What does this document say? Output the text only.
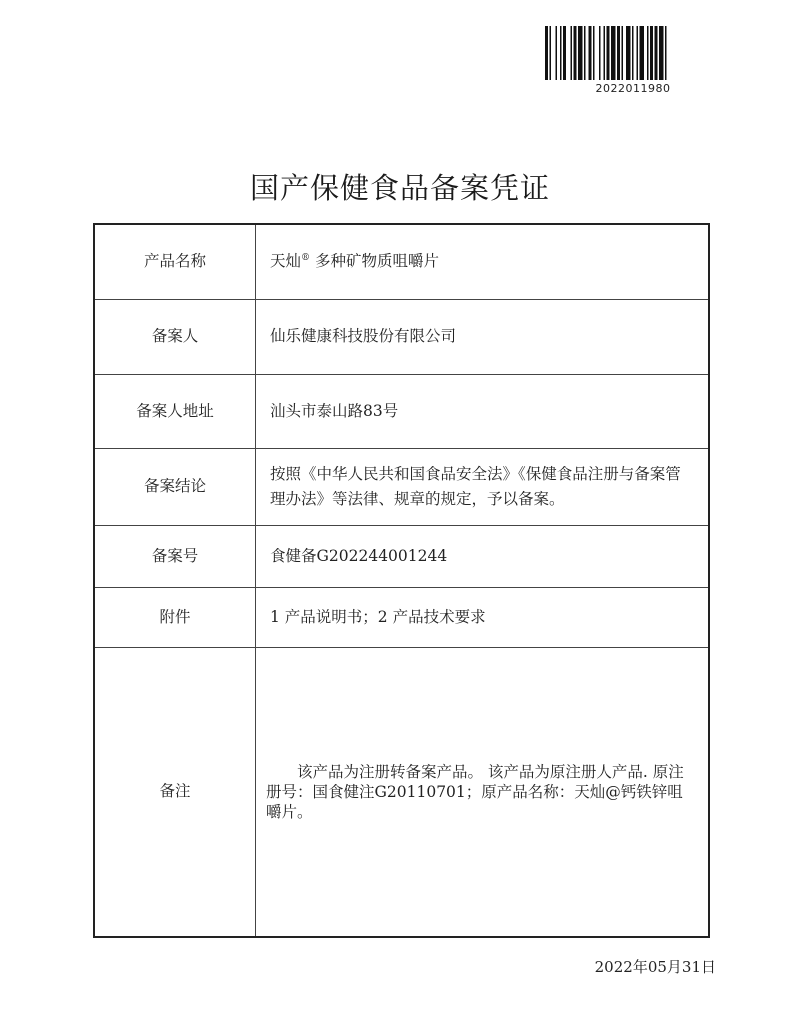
2022011980
国产保健食品备案凭证
产品名称	天灿® 多种矿物质咀嚼片
备案人	仙乐健康科技股份有限公司
备案人地址	汕头市泰山路83号
备案结论	按照《中华人民共和国食品安全法》《保健食品注册与备案管理办法》等法律、规章的规定，予以备案。
备案号	食健备G202244001244
附件	1 产品说明书；2 产品技术要求
备注	该产品为注册转备案产品。 该产品为原注册人产品. 原注册号：国食健注G20110701；原产品名称：天灿@钙铁锌咀嚼片。
2022年05月31日
